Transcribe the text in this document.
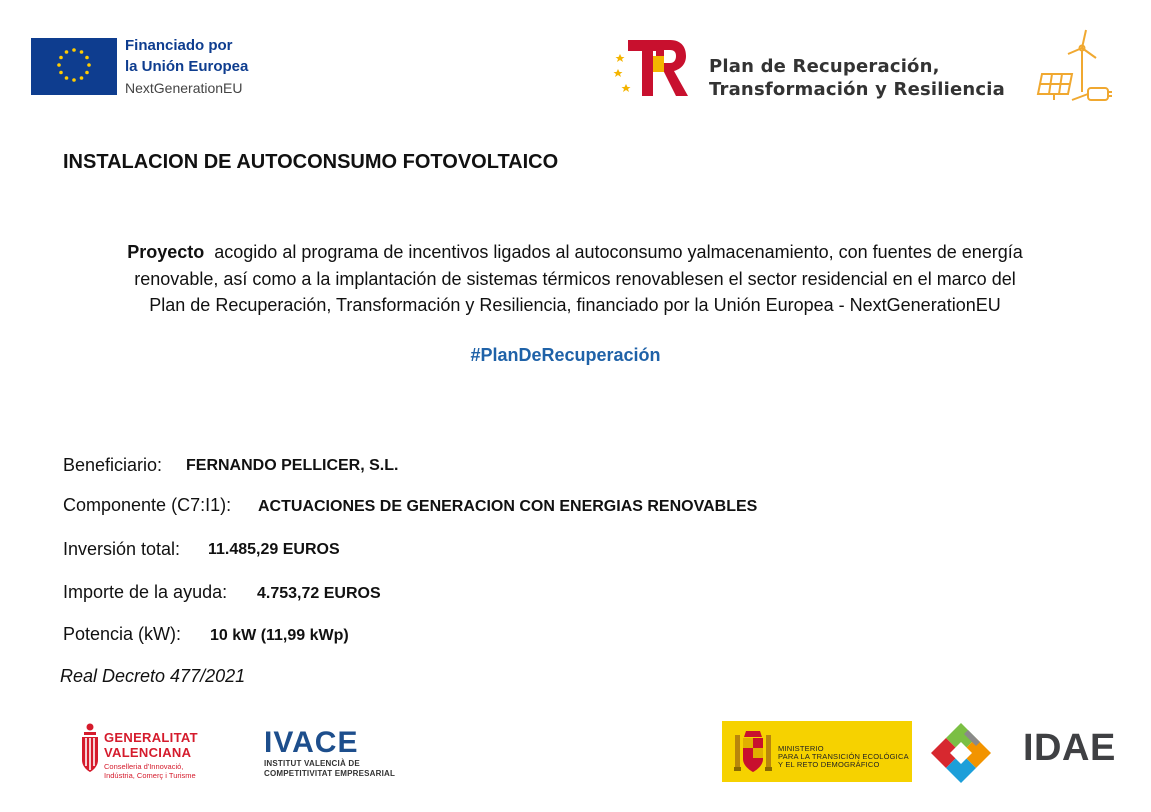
Financiado por
la Unión Europea
NextGenerationEU
Plan de Recuperación,
Transformación y Resiliencia
INSTALACION DE AUTOCONSUMO FOTOVOLTAICO
Proyecto acogido al programa de incentivos ligados al autoconsumo yalmacenamiento, con fuentes de energía
renovable, así como a la implantación de sistemas térmicos renovablesen el sector residencial en el marco del
Plan de Recuperación, Transformación y Resiliencia, financiado por la Unión Europea - NextGenerationEU
#PlanDeRecuperación
Beneficiario: FERNANDO PELLICER, S.L.
Componente (C7:I1): ACTUACIONES DE GENERACION CON ENERGIAS RENOVABLES
Inversión total: 11.485,29 EUROS
Importe de la ayuda: 4.753,72 EUROS
Potencia (kW): 10 kW (11,99 kWp)
Real Decreto 477/2021
GENERALITAT
VALENCIANA
Conselleria d'Innovació,
Indústria, Comerç i Turisme
IVACE
INSTITUT VALENCIÀ DE
COMPETITIVITAT EMPRESARIAL
MINISTERIO
PARA LA TRANSICIÓN ECOLÓGICA
Y EL RETO DEMOGRÁFICO	IDAE
